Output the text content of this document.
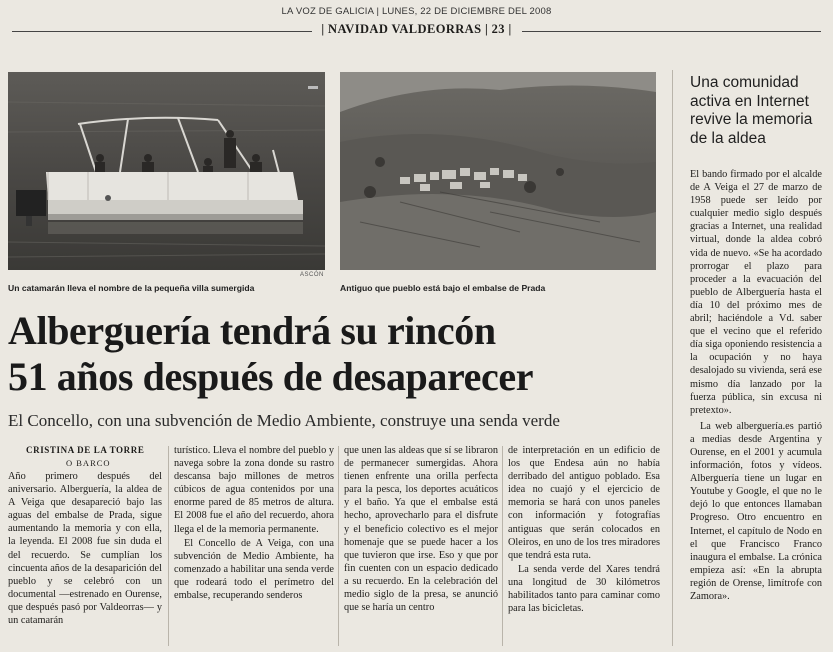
LA VOZ DE GALICIA | LUNES, 22 DE DICIEMBRE DEL 2008
| NAVIDAD VALDEORRAS | 23 |
ASCÓN
Un catamarán lleva el nombre de la pequeña villa sumergida	Antiguo que pueblo está bajo el embalse de Prada
Alberguería tendrá su rincón
51 años después de desaparecer
El Concello, con una subvención de Medio Ambiente, construye una senda verde
CRISTINA DE LA TORRE
O BARCO

Año primero después del aniversario. Alberguería, la aldea de A Veiga que desapareció bajo las aguas del embalse de Prada, sigue aumentando la memoria y con ella, la leyenda. El 2008 fue sin duda el del recuerdo. Se cumplían los cincuenta años de la desaparición del pueblo y se celebró con un documental —estrenado en Ourense, que después pasó por Valdeorras— y un catamarán

turístico. Lleva el nombre del pueblo y navega sobre la zona donde su rastro descansa bajo millones de metros cúbicos de agua contenidos por una enorme pared de 85 metros de altura. El 2008 fue el año del recuerdo, ahora llega el de la memoria permanente.

El Concello de A Veiga, con una subvención de Medio Ambiente, ha comenzado a habilitar una senda verde que rodeará todo el perímetro del embalse, recuperando senderos

que unen las aldeas que sí se libraron de permanecer sumergidas. Ahora tienen enfrente una orilla perfecta para la pesca, los deportes acuáticos y el baño. Ya que el embalse está hecho, aprovecharlo para el disfrute y el beneficio colectivo es el mejor homenaje que se puede hacer a los que tuvieron que irse. Eso y que por fin cuenten con un espacio dedicado a su recuerdo. En la celebración del medio siglo de la presa, se anunció que se haría un centro

de interpretación en un edificio de los que Endesa aún no había derribado del antiguo poblado. Esa idea no cuajó y el ejercicio de memoria se hará con unos paneles con información y fotografías antiguas que serán colocados en Oleiros, en uno de los tres miradores que tendrá esta ruta.

La senda verde del Xares tendrá una longitud de 30 kilómetros habilitados tanto para caminar como para las bicicletas.

Una comunidad activa en Internet revive la memoria de la aldea

El bando firmado por el alcalde de A Veiga el 27 de marzo de 1958 puede ser leído por cualquier medio siglo después gracias a Internet, una realidad virtual, donde la aldea cobró vida de nuevo. «Se ha acordado prorrogar el plazo para proceder a la evacuación del pueblo de Alberguería hasta el día 10 del próximo mes de abril; haciéndole a Vd. saber que el vecino que el referido día siga oponiendo resistencia a la ocupación y no haya desalojado su vivienda, será ese mismo día lanzado por la fuerza pública, sin excusa ni pretexto».

La web alberguería.es partió a medias desde Argentina y Ourense, en el 2001 y acumula información, fotos y vídeos. Alberguería tiene un lugar en Youtube y Google, el que no le dejó lo que entonces llamaban Progreso. Otro encuentro en Internet, el capítulo de Nodo en el que Francisco Franco inaugura el embalse. La crónica empieza así: «En la abrupta región de Orense, limítrofe con Zamora».
